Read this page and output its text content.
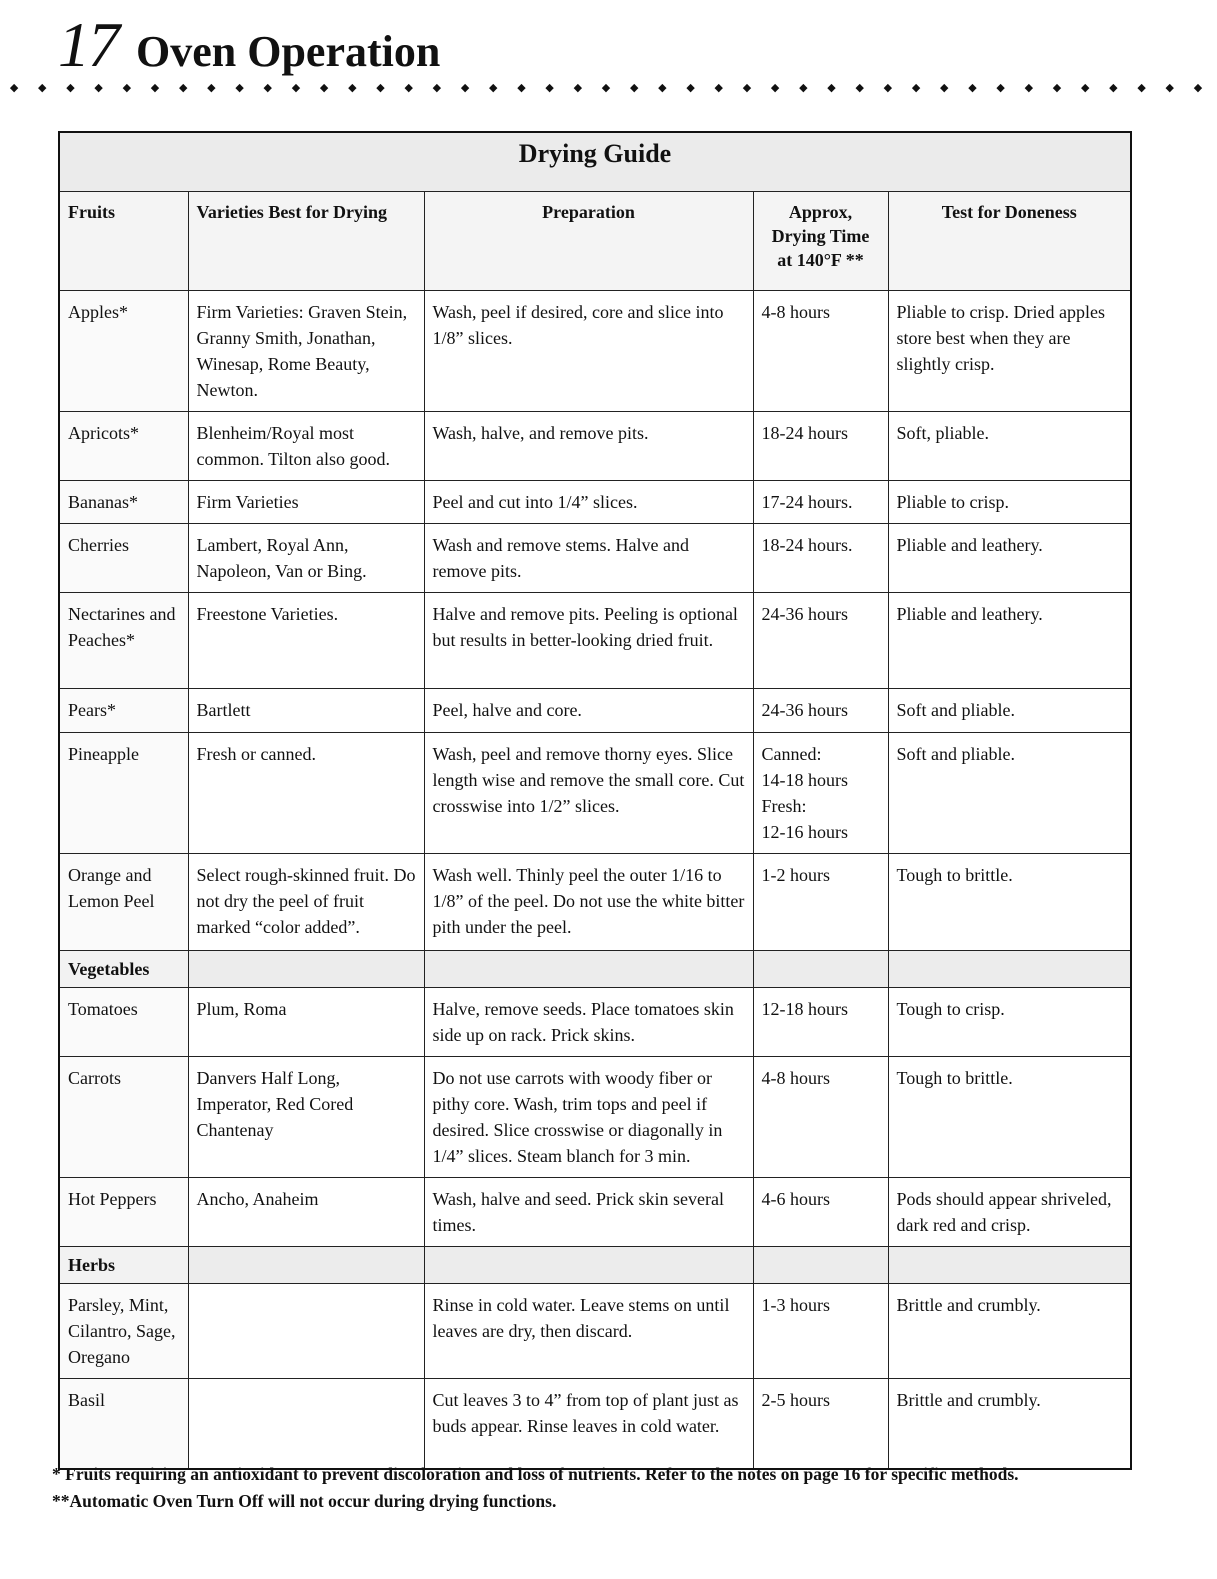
17 Oven Operation
◆ ◆ ◆ ◆ ◆ ◆ ◆ ◆ ◆ ◆ ◆ ◆ ◆ ◆ ◆ ◆ ◆ ◆ ◆ ◆ ◆ ◆ ◆ ◆ ◆ ◆ ◆ ◆ ◆ ◆ ◆ ◆ ◆ ◆ ◆ ◆ ◆ ◆ ◆ ◆ ◆ ◆ ◆
Drying Guide				
Fruits	Varieties Best for Drying	Preparation	Approx,
Drying Time
at 140°F **	Test for Doneness
Apples*	Firm Varieties: Graven Stein, Granny Smith, Jonathan, Winesap, Rome Beauty, Newton.	Wash, peel if desired, core and slice into 1/8” slices.	4-8 hours	Pliable to crisp. Dried apples store best when they are slightly crisp.
Apricots*	Blenheim/Royal most common. Tilton also good.	Wash, halve, and remove pits.	18-24 hours	Soft, pliable.
Bananas*	Firm Varieties	Peel and cut into 1/4” slices.	17-24 hours.	Pliable to crisp.
Cherries	Lambert, Royal Ann, Napoleon, Van or Bing.	Wash and remove stems. Halve and remove pits.	18-24 hours.	Pliable and leathery.
Nectarines and Peaches*	Freestone Varieties.	Halve and remove pits. Peeling is optional but results in better-looking dried fruit.	24-36 hours	Pliable and leathery.
Pears*	Bartlett	Peel, halve and core.	24-36 hours	Soft and pliable.
Pineapple	Fresh or canned.	Wash, peel and remove thorny eyes. Slice length wise and remove the small core. Cut crosswise into 1/2” slices.	Canned:
14-18 hours
Fresh:
12-16 hours	Soft and pliable.
Orange and Lemon Peel	Select rough-skinned fruit. Do not dry the peel of fruit marked “color added”.	Wash well. Thinly peel the outer 1/16 to 1/8” of the peel. Do not use the white bitter pith under the peel.	1-2 hours	Tough to brittle.
Vegetables				
Tomatoes	Plum, Roma	Halve, remove seeds. Place tomatoes skin side up on rack. Prick skins.	12-18 hours	Tough to crisp.
Carrots	Danvers Half Long, Imperator, Red Cored Chantenay	Do not use carrots with woody fiber or pithy core. Wash, trim tops and peel if desired. Slice crosswise or diagonally in 1/4” slices. Steam blanch for 3 min.	4-8 hours	Tough to brittle.
Hot Peppers	Ancho, Anaheim	Wash, halve and seed. Prick skin several times.	4-6 hours	Pods should appear shriveled, dark red and crisp.
Herbs				
Parsley, Mint, Cilantro, Sage, Oregano		Rinse in cold water. Leave stems on until leaves are dry, then discard.	1-3 hours	Brittle and crumbly.
Basil		Cut leaves 3 to 4” from top of plant just as buds appear. Rinse leaves in cold water.	2-5 hours	Brittle and crumbly.
* Fruits requiring an antioxidant to prevent discoloration and loss of nutrients. Refer to the notes on page 16 for specific methods.
**Automatic Oven Turn Off will not occur during drying functions.
